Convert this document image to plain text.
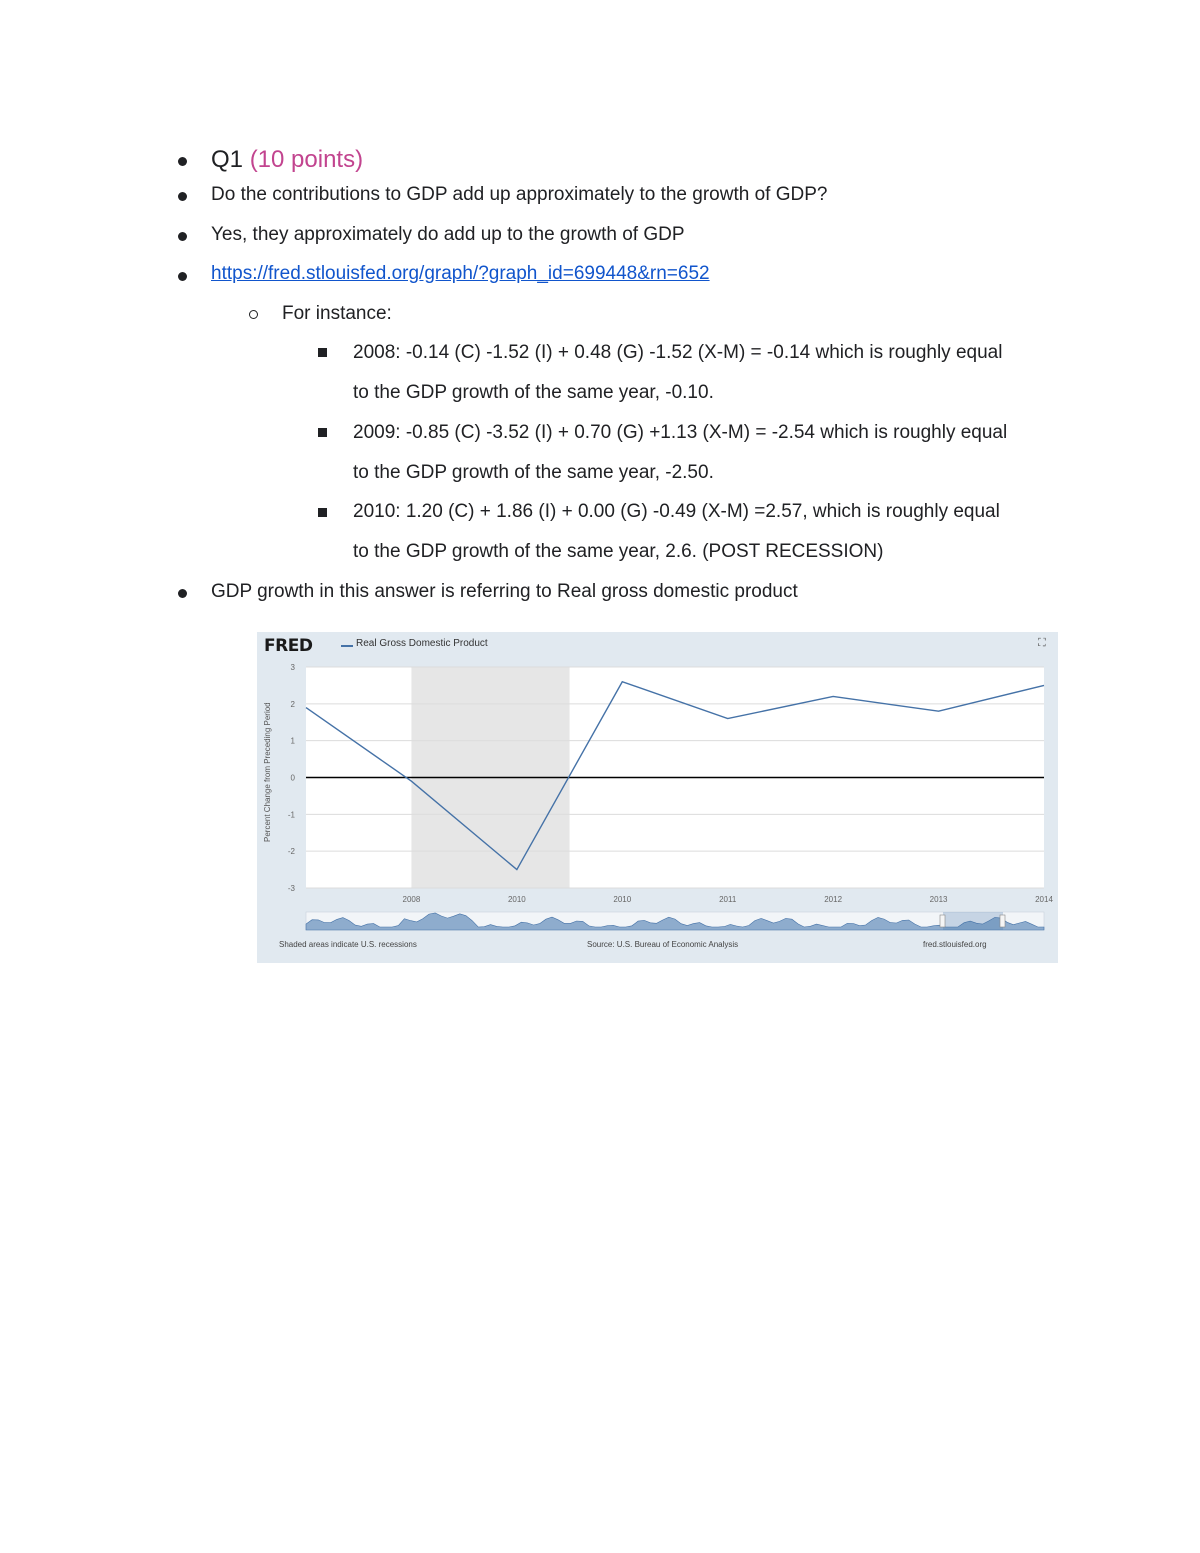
Q1 (10 points)
Do the contributions to GDP add up approximately to the growth of GDP?
Yes, they approximately do add up to the growth of GDP
https://fred.stlouisfed.org/graph/?graph_id=699448&rn=652
For instance:
2008: -0.14 (C) -1.52 (I) + 0.48 (G) -1.52 (X-M) = -0.14 which is roughly equal
to the GDP growth of the same year, -0.10.
2009: -0.85 (C) -3.52 (I) + 0.70 (G) +1.13 (X-M) = -2.54 which is roughly equal
to the GDP growth of the same year, -2.50.
2010: 1.20 (C) + 1.86 (I) + 0.00 (G) -0.49 (X-M) =2.57, which is roughly equal
to the GDP growth of the same year, 2.6. (POST RECESSION)
GDP growth in this answer is referring to Real gross domestic product
3
2
1
0
-1
-2
-3
2008	2010	2010	2011	2012	2013	2014
FRED	Real Gross Domestic Product	⛶
Percent Change from Preceding Period
Shaded areas indicate U.S. recessions	Source: U.S. Bureau of Economic Analysis	fred.stlouisfed.org
